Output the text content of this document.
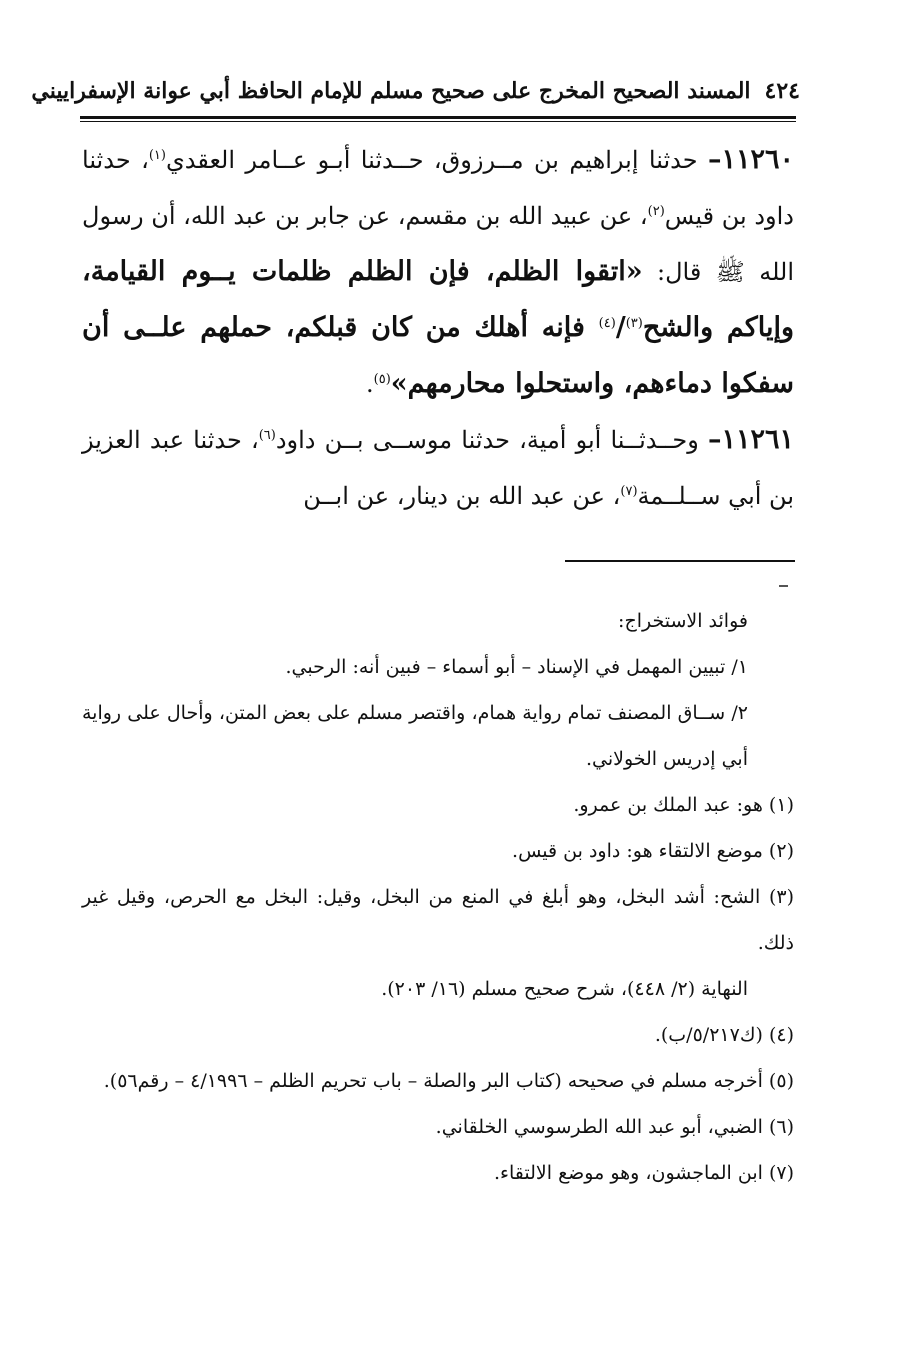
٤٢٤
المسند الصحيح المخرج على صحيح مسلم للإمام الحافظ أبي عوانة الإسفراييني

١١٢٦٠– حدثنا إبراهيم بن مــرزوق، حــدثنا أبـو عــامر العقدي$^{(١)}$، حدثنا داود بن قيس$^{(٢)}$، عن عبيد الله بن مقسم، عن جابر بن عبد الله، أن رسول الله ﷺ قال: «اتقوا الظلم، فإن الظلم ظلمات يــوم القيامة، وإياكم والشح$^{(٣)}$/$^{(٤)}$ فإنه أهلك من كان قبلكم، حملهم علــى أن سفكوا دماءهم، واستحلوا محارمهم»$^{(٥)}$.

١١٢٦١– وحــدثــنا أبو أمية، حدثنا موســى بــن داود$^{(٦)}$، حدثنا عبد العزيز بن أبي ســلــمة$^{(٧)}$، عن عبد الله بن دينار، عن ابــن

فوائد الاستخراج:

١/ تبيين المهمل في الإسناد – أبو أسماء – فبين أنه: الرحبي.

٢/ ســاق المصنف تمام رواية همام، واقتصر مسلم على بعض المتن، وأحال على رواية أبي إدريس الخولاني.

(١) هو: عبد الملك بن عمرو.

(٢) موضع الالتقاء هو: داود بن قيس.

(٣) الشح: أشد البخل، وهو أبلغ في المنع من البخل، وقيل: البخل مع الحرص، وقيل غير ذلك.

النهاية (٢/ ٤٤٨)، شرح صحيح مسلم (١٦/ ٢٠٣).

(٤) (ك٥/٢١٧/ب).

(٥) أخرجه مسلم في صحيحه (كتاب البر والصلة – باب تحريم الظلم – ٤/١٩٩٦ – رقم٥٦).

(٦) الضبي، أبو عبد الله الطرسوسي الخلقاني.

(٧) ابن الماجشون، وهو موضع الالتقاء.
